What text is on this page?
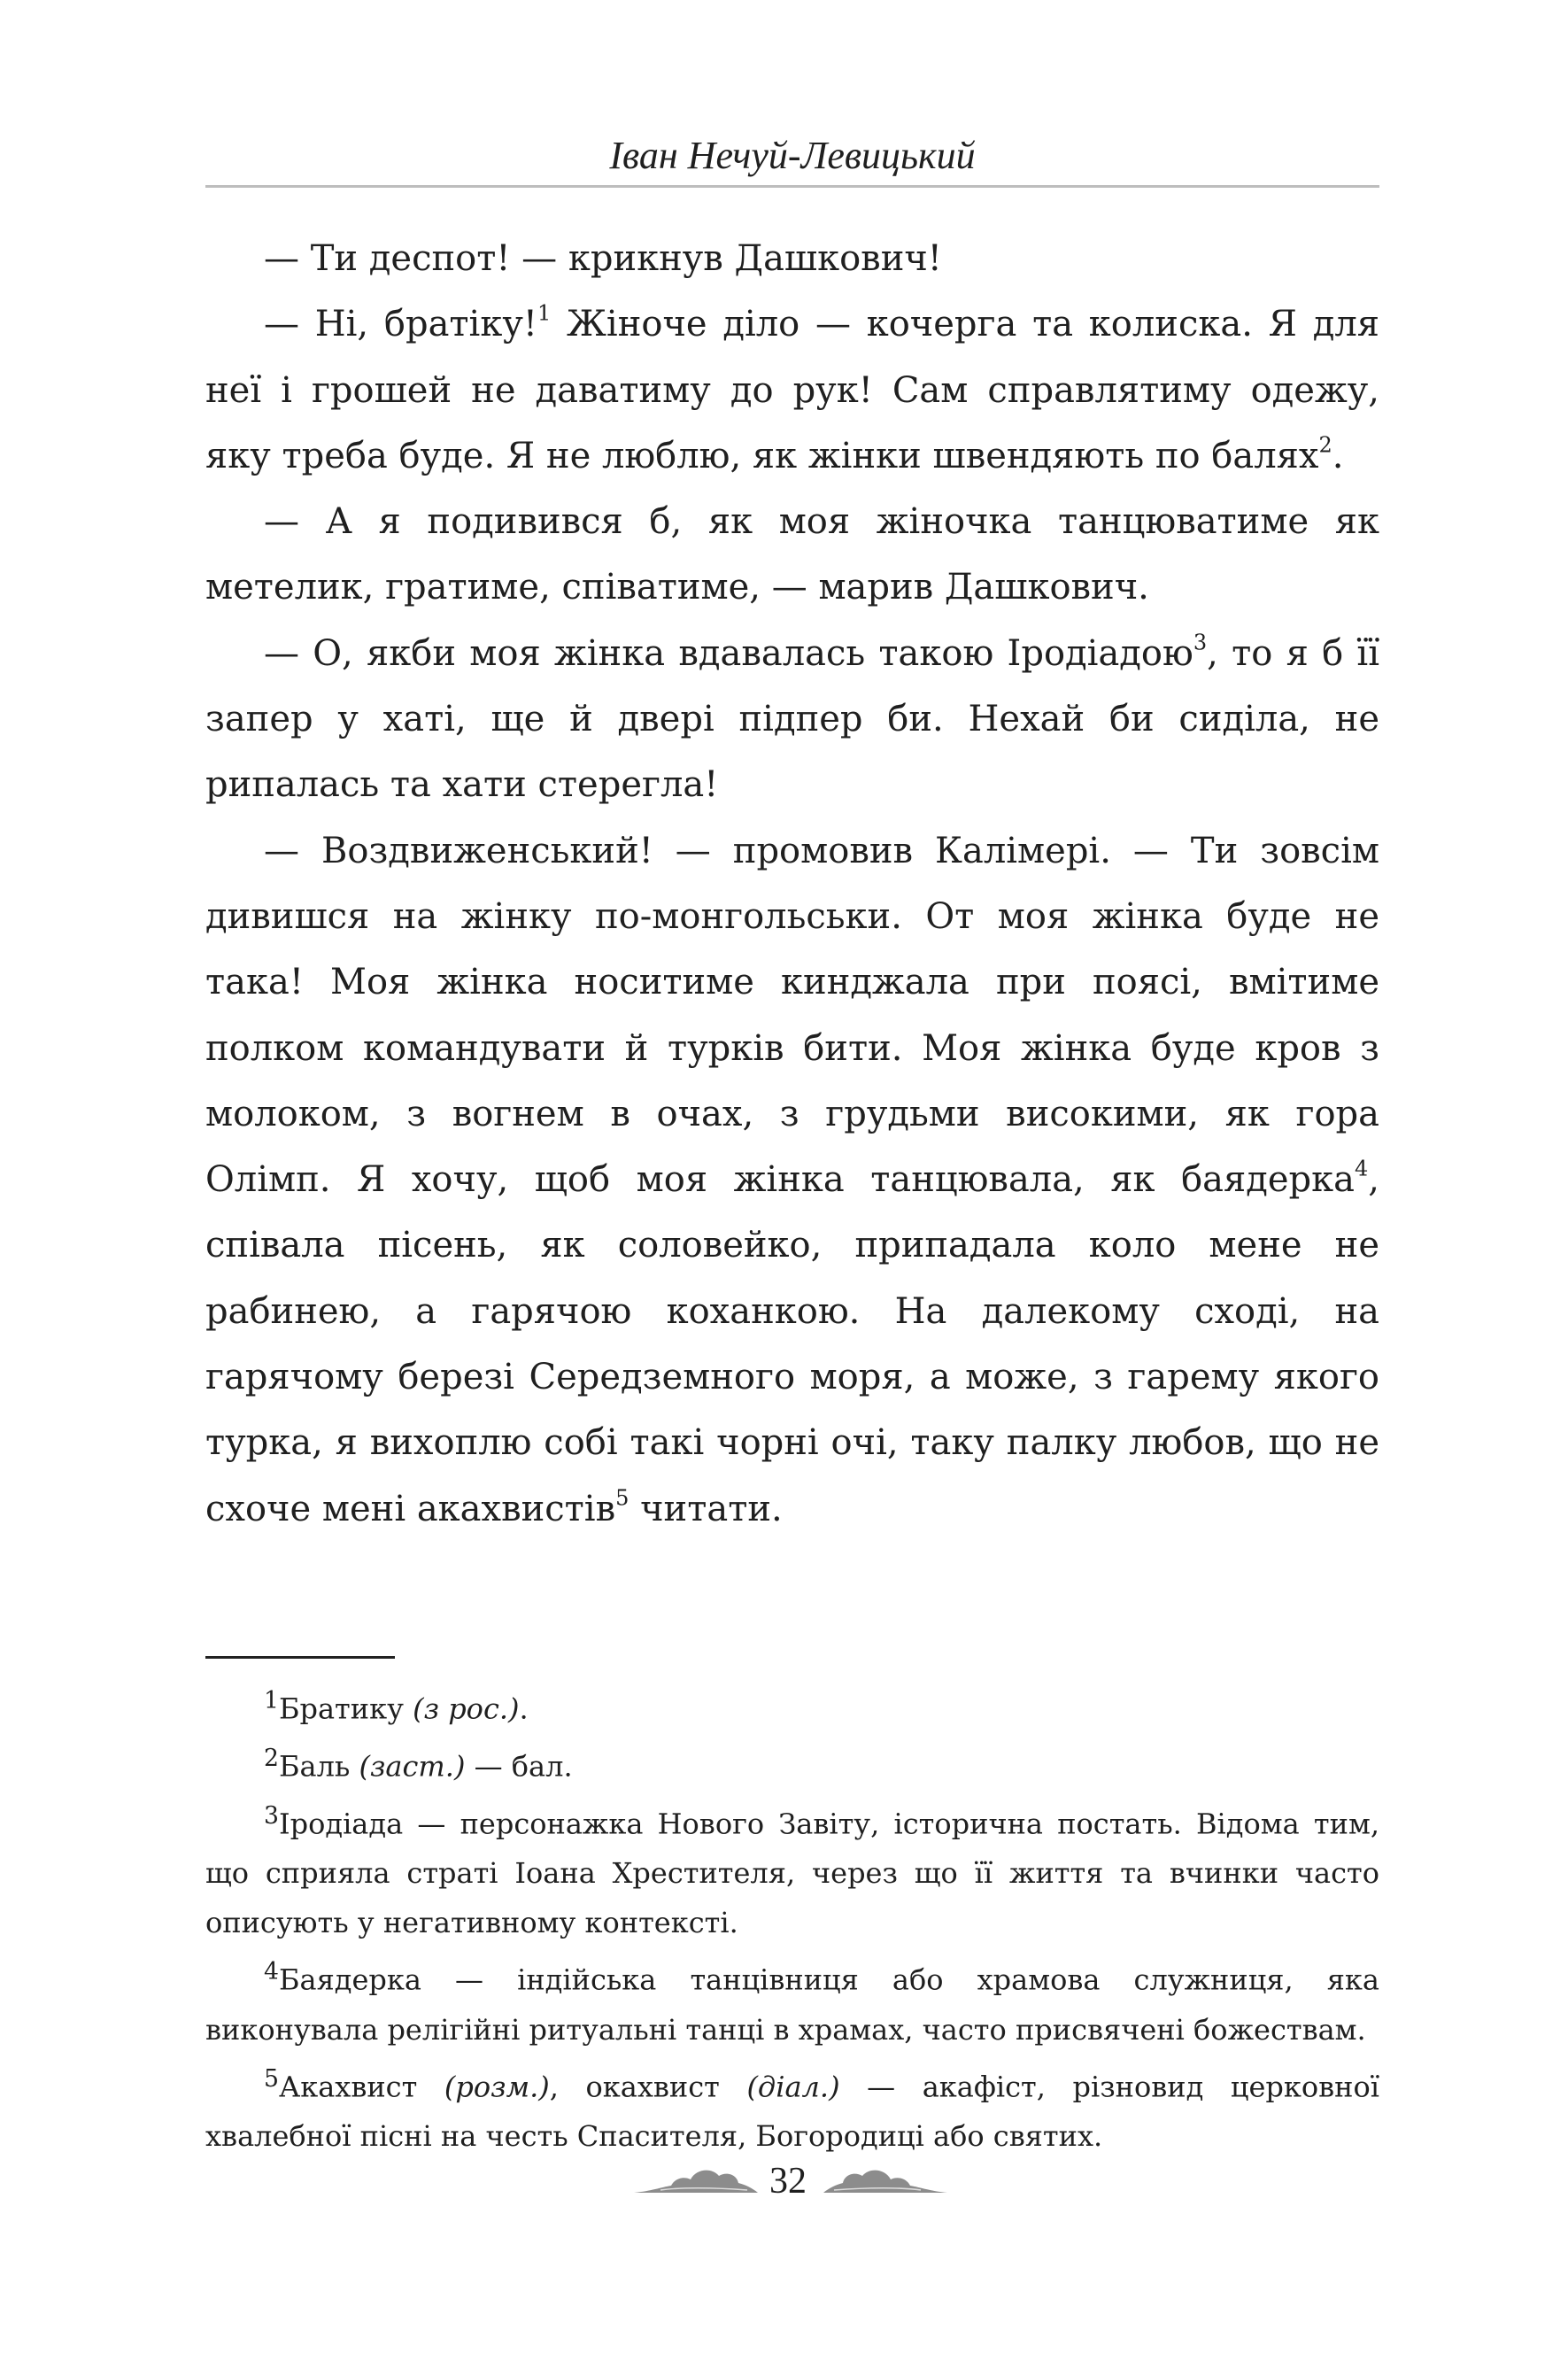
Іван Нечуй-Левицький

— Ти деспот! — крикнув Дашкович!

— Ні, братіку!$^1$ Жіноче діло — кочерга та колиска. Я для неї і грошей не даватиму до рук! Сам справлятиму одежу, яку треба буде. Я не люблю, як жінки швендяють по балях$^2$.

— А я подивився б, як моя жіночка танцюватиме як метелик, гратиме, співатиме, — марив Дашкович.

— О, якби моя жінка вдавалась такою Іродіадою$^3$, то я б її запер у хаті, ще й двері підпер би. Нехай би сиділа, не рипалась та хати стерегла!

— Воздвиженський! — промовив Калімері. — Ти зовсім дивишся на жінку по-монгольськи. От моя жінка буде не така! Моя жінка носитиме кинджала при поясі, вмітиме полком командувати й турків бити. Моя жінка буде кров з молоком, з вогнем в очах, з грудьми високими, як гора Олімп. Я хочу, щоб моя жінка танцювала, як баядерка$^4$, співала пісень, як соловейко, припадала коло мене не рабинею, а гарячою коханкою. На далекому сході, на гарячому березі Середземного моря, а може, з гарему якого турка, я вихоплю собі такі чорні очі, таку палку любов, що не схоче мені акахвистів$^5$ читати.

$^1$Братику (з рос.).

$^2$Баль (заст.) — бал.

$^3$Іродіада — персонажка Нового Завіту, історична постать. Відома тим, що сприяла страті Іоана Хрестителя, через що її життя та вчинки часто описують у негативному контексті.

$^4$Баядерка — індійська танцівниця або храмова служниця, яка виконувала релігійні ритуальні танці в храмах, часто присвячені божествам.

$^5$Акахвист (розм.), окахвист (діал.) — акафіст, різновид церковної хвалебної пісні на честь Спасителя, Богородиці або святих.

32
